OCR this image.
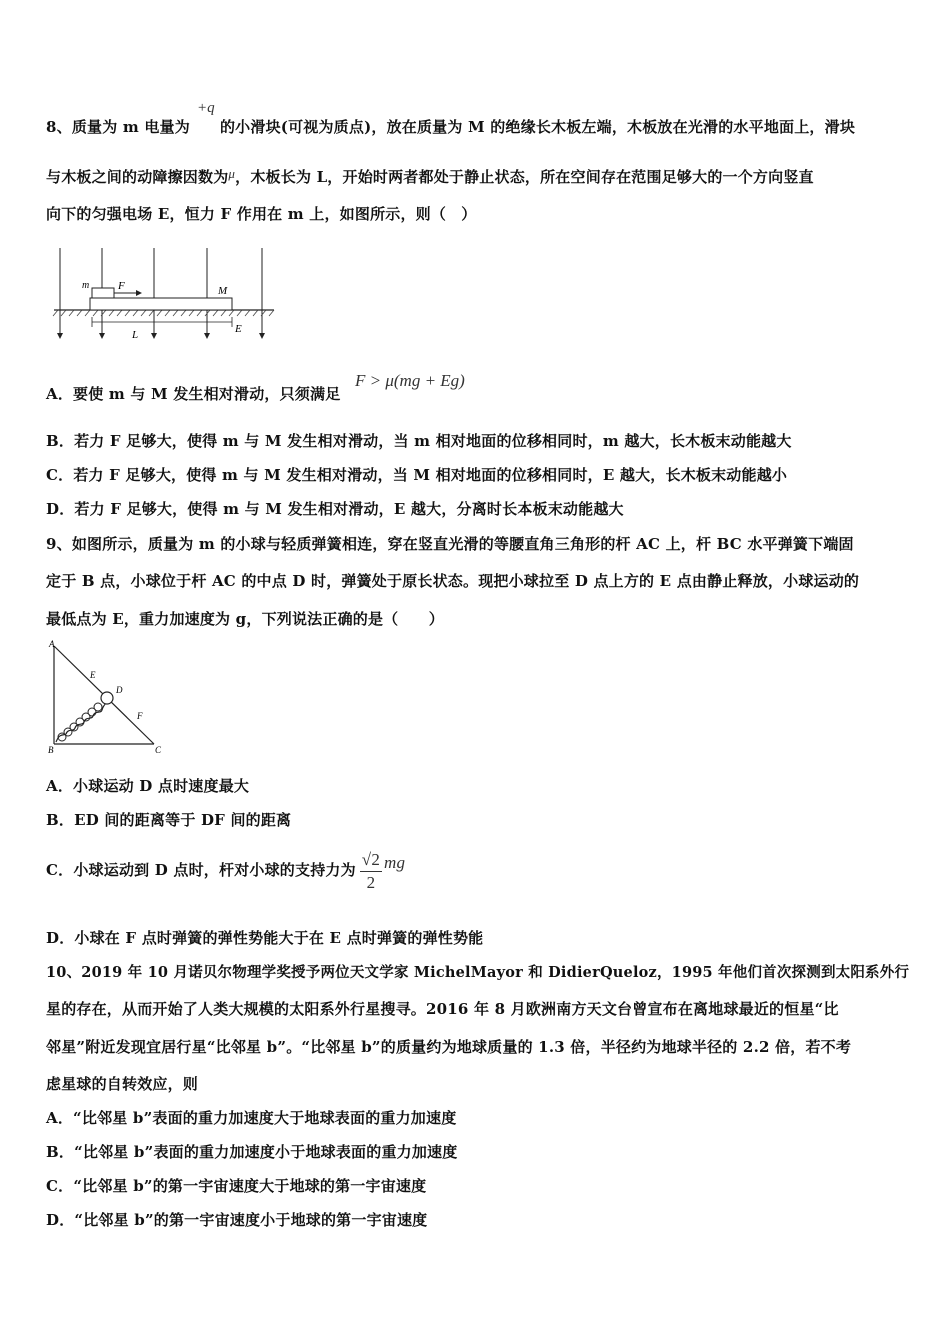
8、质量为 m 电量为 的小滑块(可视为质点)，放在质量为 M 的绝缘长木板左端，木板放在光滑的水平地面上，滑块
+q
与木板之间的动障擦因数为μ，木板长为 L，开始时两者都处于静止状态，所在空间存在范围足够大的一个方向竖直
向下的匀强电场 E，恒力 F 作用在 m 上，如图所示，则（　）
m	F	M
L	E
A．要使 m 与 M 发生相对滑动，只须满足
F > μ(mg + Eg)
B．若力 F 足够大，使得 m 与 M 发生相对滑动，当 m 相对地面的位移相同时，m 越大，长木板末动能越大
C．若力 F 足够大，使得 m 与 M 发生相对滑动，当 M 相对地面的位移相同时，E 越大，长木板末动能越小
D．若力 F 足够大，使得 m 与 M 发生相对滑动，E 越大，分离时长本板末动能越大
9、如图所示，质量为 m 的小球与轻质弹簧相连，穿在竖直光滑的等腰直角三角形的杆 AC 上，杆 BC 水平弹簧下端固
定于 B 点，小球位于杆 AC 的中点 D 时，弹簧处于原长状态。现把小球拉至 D 点上方的 E 点由静止释放，小球运动的
最低点为 E，重力加速度为 g，下列说法正确的是（　　）
A
B	C
D
E
F
A．小球运动 D 点时速度最大
B．ED 间的距离等于 DF 间的距离
C．小球运动到 D 点时，杆对小球的支持力为 $\frac{√2}{2}$ mg
D．小球在 F 点时弹簧的弹性势能大于在 E 点时弹簧的弹性势能
10、2019 年 10 月诺贝尔物理学奖授予两位天文学家 MichelMayor 和 DidierQueloz，1995 年他们首次探测到太阳系外行
星的存在，从而开始了人类大规模的太阳系外行星搜寻。2016 年 8 月欧洲南方天文台曾宣布在离地球最近的恒星“比
邻星”附近发现宜居行星“比邻星 b”。“比邻星 b”的质量约为地球质量的 1.3 倍，半径约为地球半径的 2.2 倍，若不考
虑星球的自转效应，则
A．“比邻星 b”表面的重力加速度大于地球表面的重力加速度
B．“比邻星 b”表面的重力加速度小于地球表面的重力加速度
C．“比邻星 b”的第一宇宙速度大于地球的第一宇宙速度
D．“比邻星 b”的第一宇宙速度小于地球的第一宇宙速度
